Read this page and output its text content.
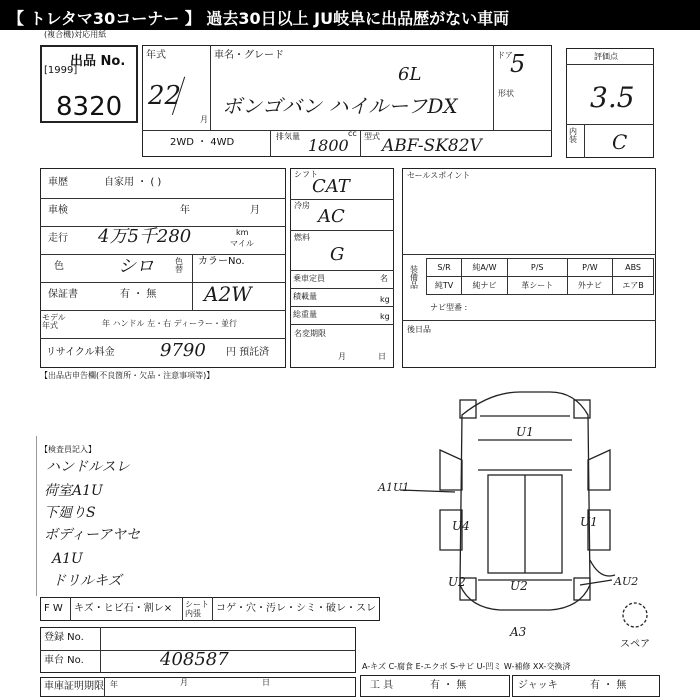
【 トレタマ30コーナー 】 過去30日以上 JU岐阜に出品歴がない車両
(複合機)対応用紙
出品 No.
[1999]
8320
年式
22
月
車名・グレード
6L
ボンゴバン ハイルーフDX
ドア
5
形状
2WD ・ 4WD
排気量	cc
1800 型式 ABF-SK82V
評価点
3.5
内装 C
車歴	自家用 ・ ( )
車検	年	月
走行 4万5千280	km
マイル
色	シロ	色替
カラーNo.
A2W
保証書	有 ・ 無
モデル年式	年 ハンドル 左・右 ディーラー・並行
リサイクル料金	9790 円 預託済
シフト
CAT
冷房
AC
燃料
G
乗車定員	名
積載量	kg
総重量	kg
名変期限
月	日
セールスポイント
装備品
S/R	純A/W	P/S	P/W	ABS
純TV	純ナビ	革シート	外ナビ	エアB
ナビ型番 :
後日品
【出品店申告欄(不良箇所・欠品・注意事項等)】
【検査員記入】
ハンドルスレ
荷室A1U
下廻りS
ボディーアヤセ
A1U
ドリルキズ
U1
A1U1
U4	U1
U2	U2	AU2
A3
スペア
F W キズ・ヒビ石・割レ× シート内張	コゲ・穴・汚レ・シミ・破レ・スレ
登録 No.
車台 No.	408587	A-キズ C-腐食 E-エクボ S-サビ U-凹ミ W-補修 XX-交換済
車庫証明期限 年	月	日	工 具	有 ・ 無	ジャッキ	有 ・ 無
